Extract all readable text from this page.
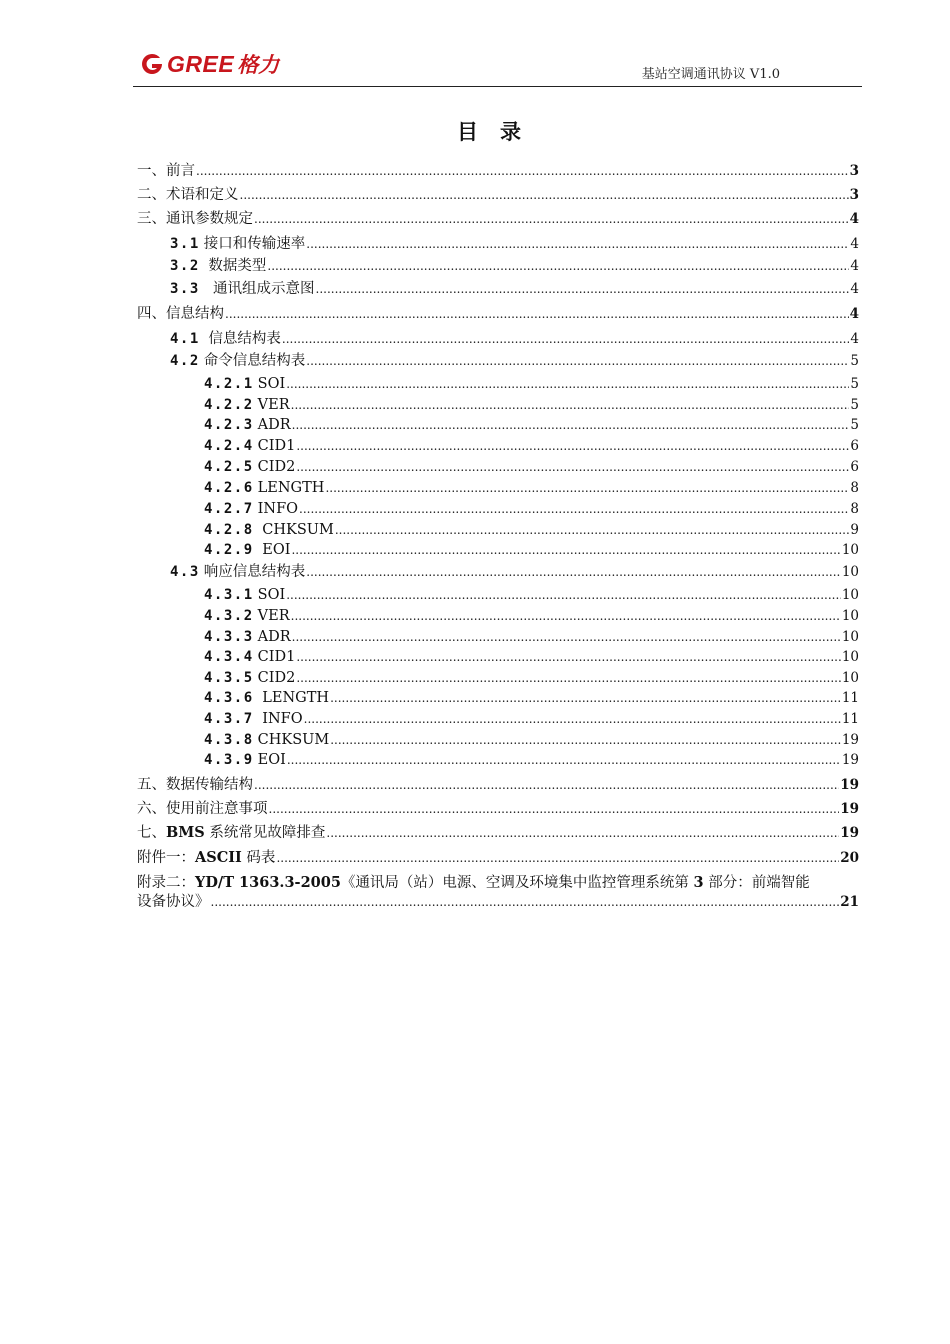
GREE 格力	基站空调通讯协议 V1.0
目录
一、前言 .....	3
二、术语和定义 .....	3
三、通讯参数规定 .....	4
3.1 接口和传输速率 .....	4
3.2 数据类型 .....	4
3.3 通讯组成示意图 .....	4
四、信息结构 .....	4
4.1 信息结构表 .....	4
4.2 命令信息结构表 .....	5
4.2.1 SOI .....	5
4.2.2 VER .....	5
4.2.3 ADR .....	5
4.2.4 CID1 .....	6
4.2.5 CID2 .....	6
4.2.6 LENGTH .....	8
4.2.7 INFO .....	8
4.2.8 CHKSUM .....	9
4.2.9 EOI .....	10
4.3 响应信息结构表 .....	10
4.3.1 SOI .....	10
4.3.2 VER .....	10
4.3.3 ADR .....	10
4.3.4 CID1 .....	10
4.3.5 CID2 .....	10
4.3.6 LENGTH .....	11
4.3.7 INFO .....	11
4.3.8 CHKSUM .....	19
4.3.9 EOI .....	19
五、数据传输结构 .....	19
六、使用前注意事项 .....	19
七、BMS 系统常见故障排查 .....	19
附件一：ASCII 码表 .....	20
附录二：YD/T 1363.3-2005《通讯局（站）电源、空调及环境集中监控管理系统第 3 部分：前端智能
设备协议》 .....	21
